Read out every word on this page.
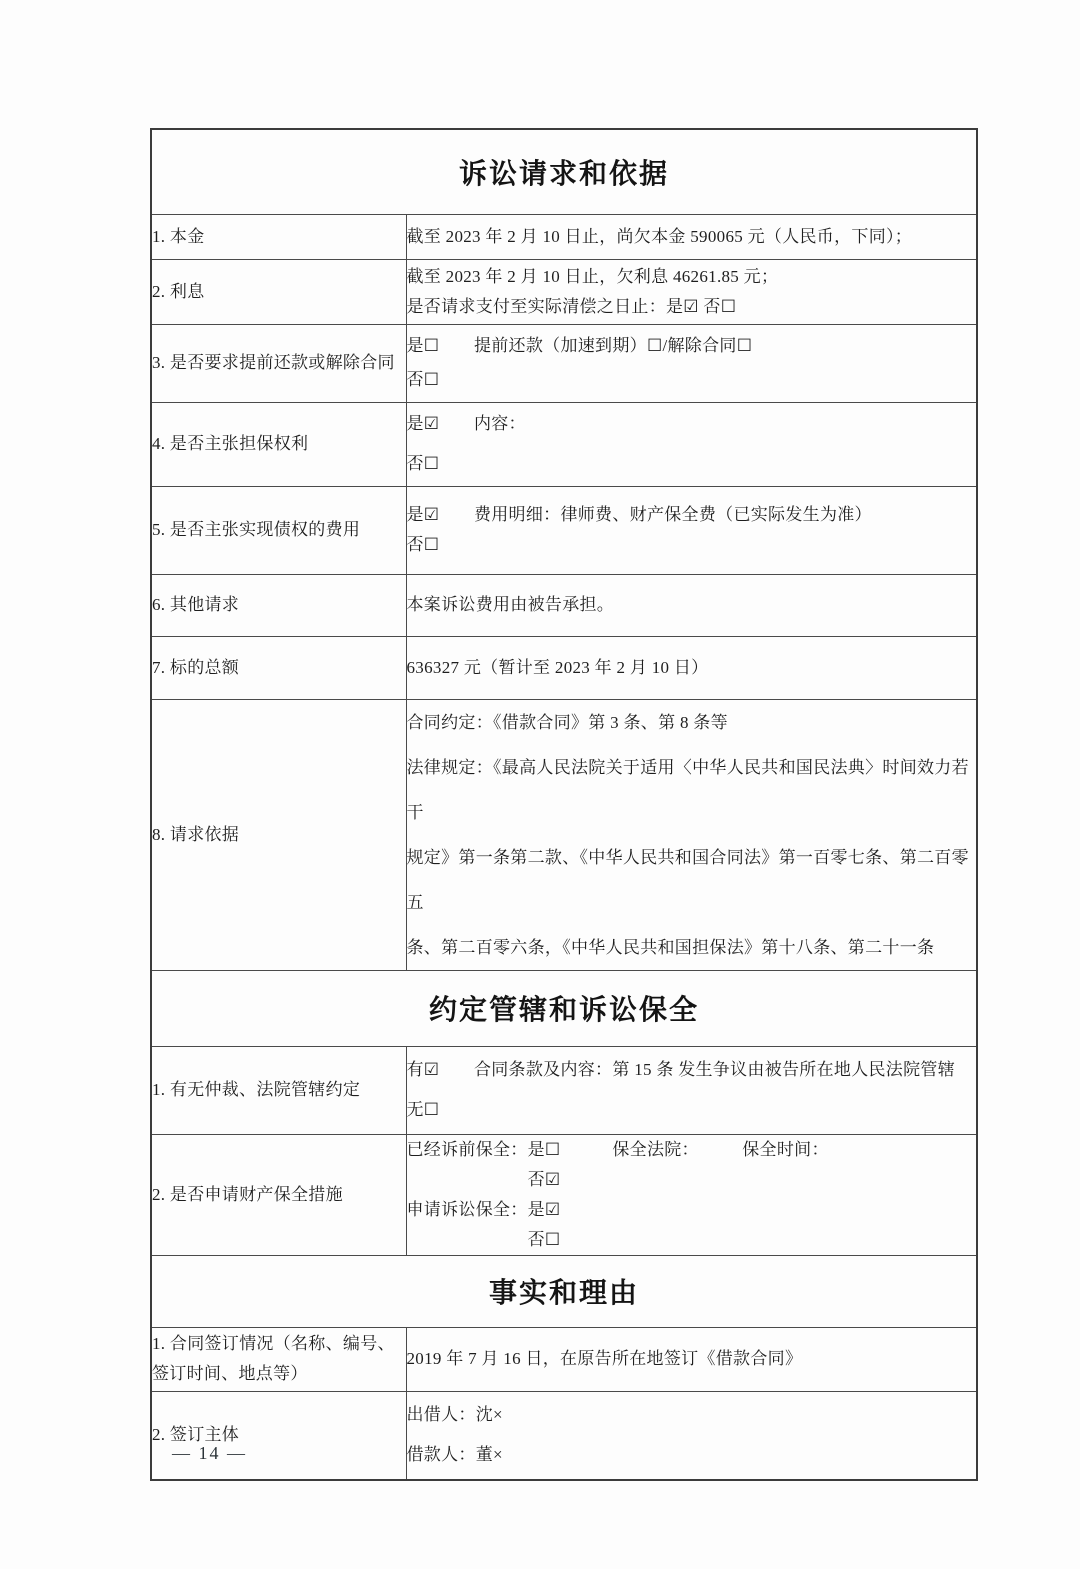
诉讼请求和依据	

1. 本金	截至 2023 年 2 月 10 日止，尚欠本金 590065 元（人民币，下同）；

2. 利息	截至 2023 年 2 月 10 日止，欠利息 46261.85 元；
是否请求支付至实际清偿之日止：是☑ 否☐

3. 是否要求提前还款或解除合同	是☐　　提前还款（加速到期）☐/解除合同☐
否☐

4. 是否主张担保权利	是☑　　内容：
否☐

5. 是否主张实现债权的费用	是☑　　费用明细：律师费、财产保全费（已实际发生为准）
否☐

6. 其他请求	本案诉讼费用由被告承担。

7. 标的总额	636327 元（暂计至 2023 年 2 月 10 日）

8. 请求依据	合同约定：《借款合同》第 3 条、第 8 条等
法律规定：《最高人民法院关于适用〈中华人民共和国民法典〉时间效力若干
规定》第一条第二款、《中华人民共和国合同法》第一百零七条、第二百零五
条、第二百零六条，《中华人民共和国担保法》第十八条、第二十一条

约定管辖和诉讼保全	

1. 有无仲裁、法院管辖约定	有☑　　合同条款及内容：第 15 条 发生争议由被告所在地人民法院管辖
无☐

2. 是否申请财产保全措施	已经诉前保全：是☐　　　保全法院：　　　保全时间：
　　　　　　　否☑
申请诉讼保全：是☑
　　　　　　　否☐

事实和理由	

1. 合同签订情况（名称、编号、
签订时间、地点等）	2019 年 7 月 16 日，在原告所在地签订《借款合同》

2. 签订主体	出借人：沈×
借款人：董×
— 14 —
